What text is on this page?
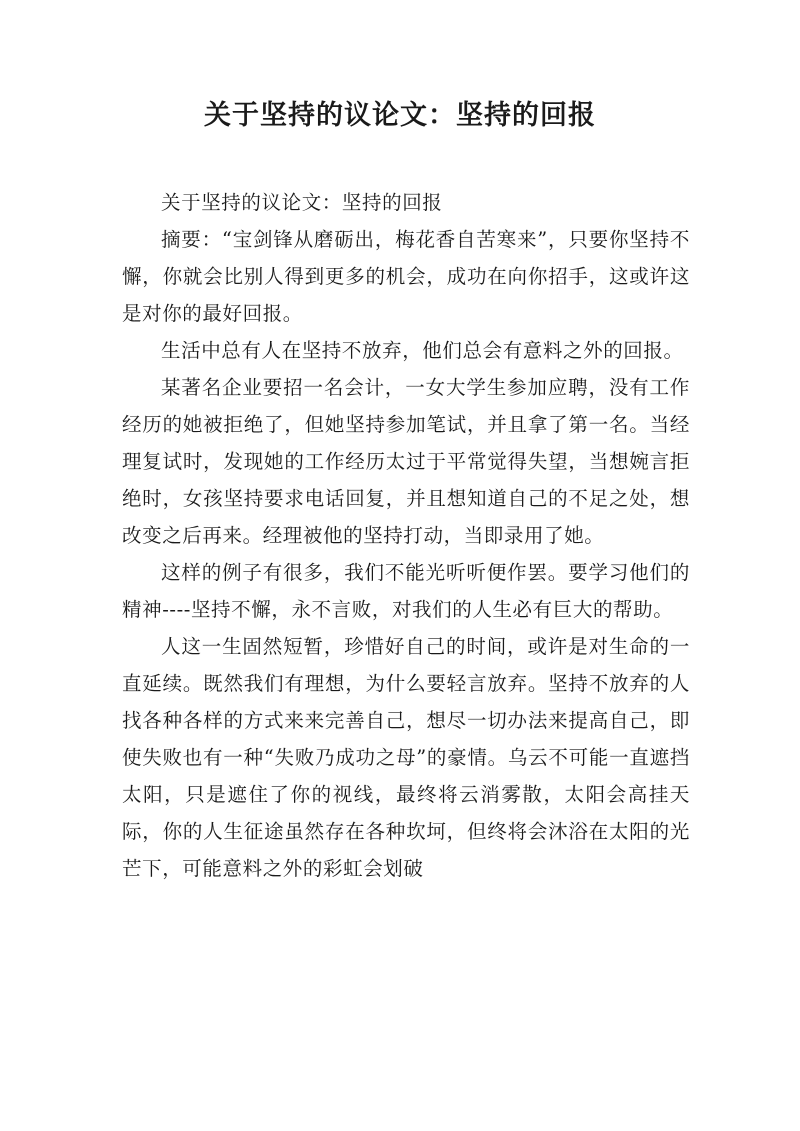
关于坚持的议论文：坚持的回报

关于坚持的议论文：坚持的回报

摘要：“宝剑锋从磨砺出，梅花香自苦寒来”，只要你坚持不懈，你就会比别人得到更多的机会，成功在向你招手，这或许这是对你的最好回报。

生活中总有人在坚持不放弃，他们总会有意料之外的回报。

某著名企业要招一名会计，一女大学生参加应聘，没有工作经历的她被拒绝了，但她坚持参加笔试，并且拿了第一名。当经理复试时，发现她的工作经历太过于平常觉得失望，当想婉言拒绝时，女孩坚持要求电话回复，并且想知道自己的不足之处，想改变之后再来。经理被他的坚持打动，当即录用了她。

这样的例子有很多，我们不能光听听便作罢。要学习他们的精神----坚持不懈，永不言败，对我们的人生必有巨大的帮助。

人这一生固然短暂，珍惜好自己的时间，或许是对生命的一直延续。既然我们有理想，为什么要轻言放弃。坚持不放弃的人找各种各样的方式来来完善自己，想尽一切办法来提高自己，即使失败也有一种“失败乃成功之母”的豪情。乌云不可能一直遮挡太阳，只是遮住了你的视线，最终将云消雾散，太阳会高挂天际，你的人生征途虽然存在各种坎坷，但终将会沐浴在太阳的光芒下，可能意料之外的彩虹会划破
